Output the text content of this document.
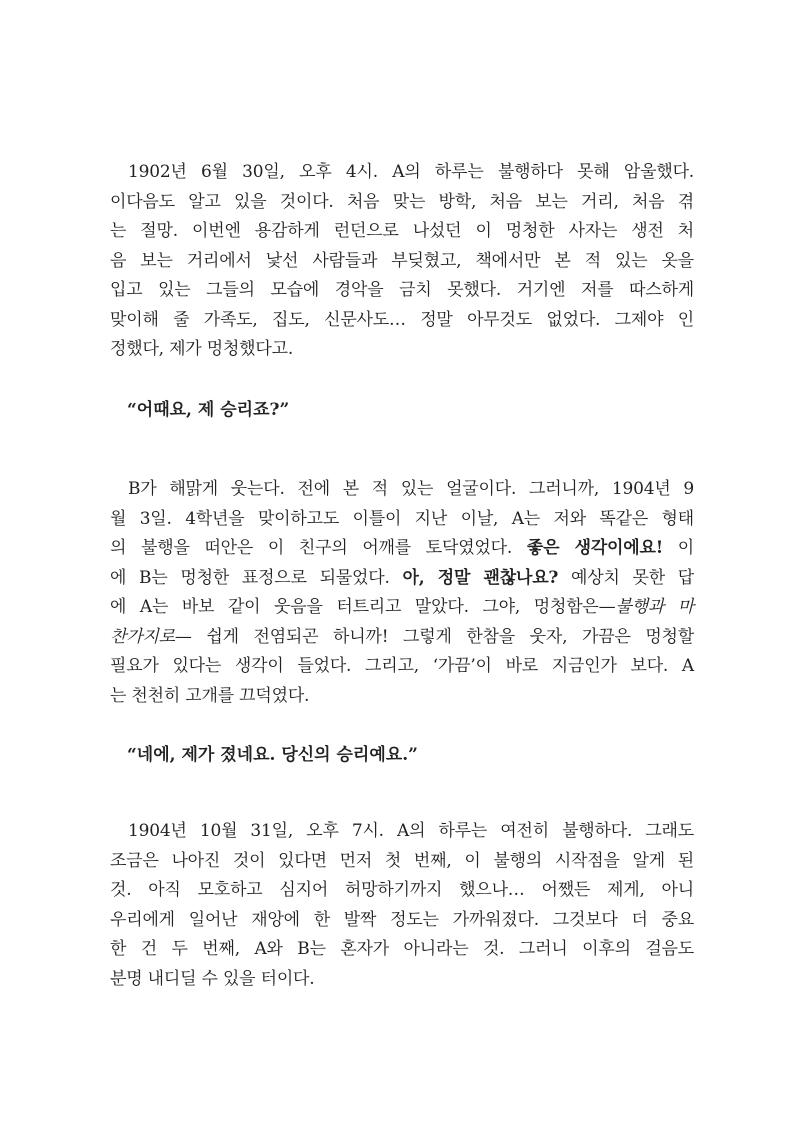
1902년 6월 30일, 오후 4시. A의 하루는 불행하다 못해 암울했다.
이다음도 알고 있을 것이다. 처음 맞는 방학, 처음 보는 거리, 처음 겪
는 절망. 이번엔 용감하게 런던으로 나섰던 이 멍청한 사자는 생전 처
음 보는 거리에서 낯선 사람들과 부딪혔고, 책에서만 본 적 있는 옷을
입고 있는 그들의 모습에 경악을 금치 못했다. 거기엔 저를 따스하게
맞이해 줄 가족도, 집도, 신문사도… 정말 아무것도 없었다. 그제야 인
정했다, 제가 멍청했다고.
“어때요, 제 승리죠?”
B가 해맑게 웃는다. 전에 본 적 있는 얼굴이다. 그러니까, 1904년 9
월 3일. 4학년을 맞이하고도 이틀이 지난 이날, A는 저와 똑같은 형태
의 불행을 떠안은 이 친구의 어깨를 토닥였었다. 좋은 생각이에요! 이
에 B는 멍청한 표정으로 되물었다. 아, 정말 괜찮나요? 예상치 못한 답
에 A는 바보 같이 웃음을 터트리고 말았다. 그야, 멍청함은—불행과 마
찬가지로— 쉽게 전염되곤 하니까! 그렇게 한참을 웃자, 가끔은 멍청할
필요가 있다는 생각이 들었다. 그리고, ‘가끔’이 바로 지금인가 보다. A
는 천천히 고개를 끄덕였다.
“네에, 제가 졌네요. 당신의 승리예요.”
1904년 10월 31일, 오후 7시. A의 하루는 여전히 불행하다. 그래도
조금은 나아진 것이 있다면 먼저 첫 번째, 이 불행의 시작점을 알게 된
것. 아직 모호하고 심지어 허망하기까지 했으나… 어쨌든 제게, 아니
우리에게 일어난 재앙에 한 발짝 정도는 가까워졌다. 그것보다 더 중요
한 건 두 번째, A와 B는 혼자가 아니라는 것. 그러니 이후의 걸음도
분명 내디딜 수 있을 터이다.
